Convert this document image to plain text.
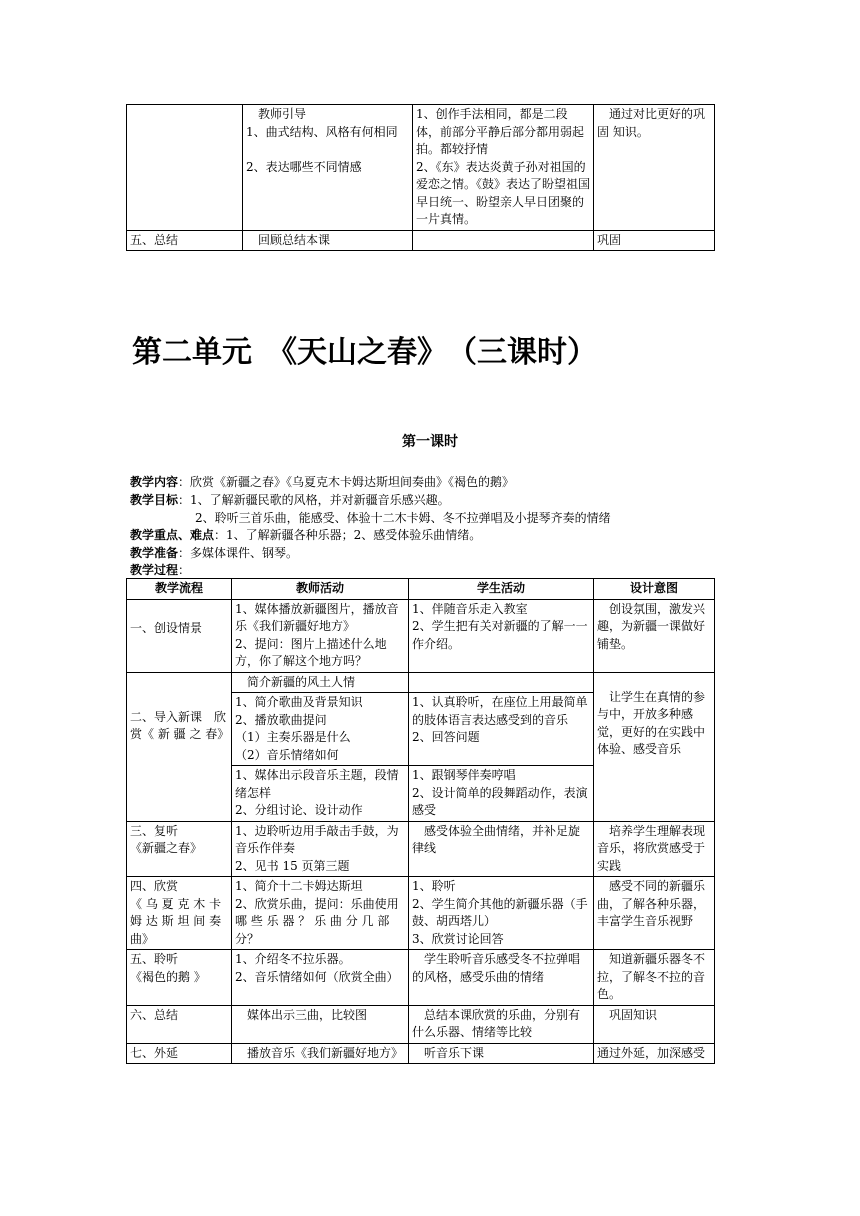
	　教师引导
1、曲式结构、风格有何相同

2、表达哪些不同情感	1、创作手法相同，都是二段体，前部分平静后部分都用弱起拍。都较抒情
2、《东》表达炎黄子孙对祖国的爱恋之情。《鼓》表达了盼望祖国早日统一、盼望亲人早日团聚的一片真情。	　通过对比更好的巩固 知识。
五、总结	　回顾总结本课		巩固
第二单元　《天山之春》　（三课时）
第一课时
教学内容：欣赏《新疆之春》《乌夏克木卡姆达斯坦间奏曲》《褐色的鹅》
教学目标：1、了解新疆民歌的风格，并对新疆音乐感兴趣。
2、聆听三首乐曲，能感受、体验十二木卡姆、冬不拉弹唱及小提琴齐奏的情绪
教学重点、难点：1、了解新疆各种乐器；2、感受体验乐曲情绪。
教学准备：多媒体课件、钢琴。
教学过程：
教学流程	教师活动	学生活动	设计意图
一、创设情景	1、媒体播放新疆图片，播放音乐《我们新疆好地方》
2、提问：图片上描述什么地方，你了解这个地方吗？	1、伴随音乐走入教室
2、学生把有关对新疆的了解一一作介绍。	　创设氛围，激发兴趣，为新疆一课做好铺垫。
二、导入新课　欣 赏《 新 疆 之 春》	　简介新疆的风土人情		　让学生在真情的参与中，开放多种感觉，更好的在实践中体验、感受音乐
	1、简介歌曲及背景知识
2、播放歌曲提问
（1）主奏乐器是什么
（2）音乐情绪如何	1、认真聆听，在座位上用最简单的肢体语言表达感受到的音乐
2、回答问题	
	1、媒体出示段音乐主题，段情绪怎样
2、分组讨论、设计动作	1、跟钢琴伴奏哼唱
2、设计简单的段舞蹈动作，表演感受	
三、复听
《新疆之春》	1、边聆听边用手敲击手鼓，为音乐作伴奏
2、见书 15 页第三题	　感受体验全曲情绪，并补足旋律线	　培养学生理解表现音乐，将欣赏感受于实践
四、欣赏
《 乌 夏 克 木 卡 姆 达 斯 坦 间 奏 曲》	1、简介十二卡姆达斯坦
2、欣赏乐曲，提问：乐曲使用 哪 些 乐 器 ？ 乐 曲 分 几 部分？	1、聆听
2、学生简介其他的新疆乐器（手鼓、胡西塔儿）
3、欣赏讨论回答	　感受不同的新疆乐曲，了解各种乐器，丰富学生音乐视野
五、聆听
《褐色的鹅 》	1、介绍冬不拉乐器。
2、音乐情绪如何（欣赏全曲）	　学生聆听音乐感受冬不拉弹唱的风格，感受乐曲的情绪	　知道新疆乐器冬不拉，了解冬不拉的音色。
六、总结	　媒体出示三曲，比较图	　总结本课欣赏的乐曲，分别有什么乐器、情绪等比较	　巩固知识
七、外延	　播放音乐《我们新疆好地方》	　听音乐下课	通过外延，加深感受
